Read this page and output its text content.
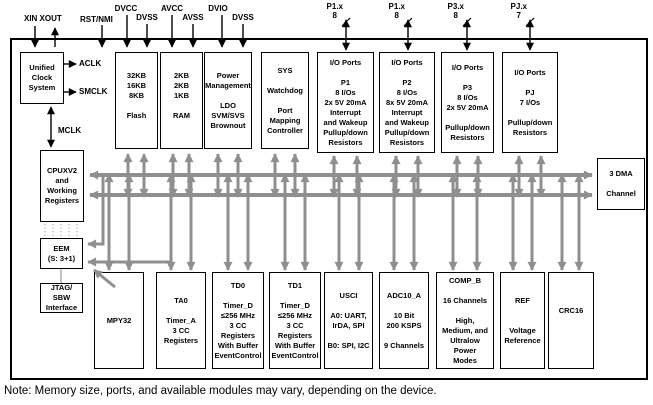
Unified
Clock
System
32KB
16KB
8KB
Flash
2KB
2KB
1KB
RAM
Power
Management
LDO
SVM/SVS
Brownout
SYS
Watchdog
Port
Mapping
Controller
I/O Ports
P1
8 I/Os
2x 5V 20mA
Interrupt
and Wakeup
Pullup/down
Resistors
I/O Ports
P2
8 I/Os
8x 5V 20mA
Interrupt
and Wakeup
Pullup/down
Resistors
I/O Ports
P3
8 I/Os
2x 5V 20mA
Pullup/down
Resistors
I/O Ports
PJ
7 I/Os
Pullup/down
Resistors
CPUXV2
and
Working
Registers
EEM
(S: 3+1)
JTAG/
SBW
Interface
3 DMA
Channel
MPY32
TA0
Timer_A
3 CC
Registers
TD0
Timer_D
≤256 MHz
3 CC
Registers
With Buffer
EventControl
TD1
Timer_D
≤256 MHz
3 CC
Registers
With Buffer
EventControl
USCI
A0: UART,
IrDA, SPI
B0: SPI, I2C
ADC10_A
10 Bit
200 KSPS
9 Channels
COMP_B
16 Channels
High,
Medium, and
Ultralow
Power
Modes
REF
Voltage
Reference
CRC16
XIN XOUT RST/NMI
DVCC
DVSS
AVCC
AVSS
DVIO
DVSS
P1.x
8
P1.x
8
P3.x
8
PJ.x
7
ACLK
SMCLK
MCLK
Note: Memory size, ports, and available modules may vary, depending on the device.
